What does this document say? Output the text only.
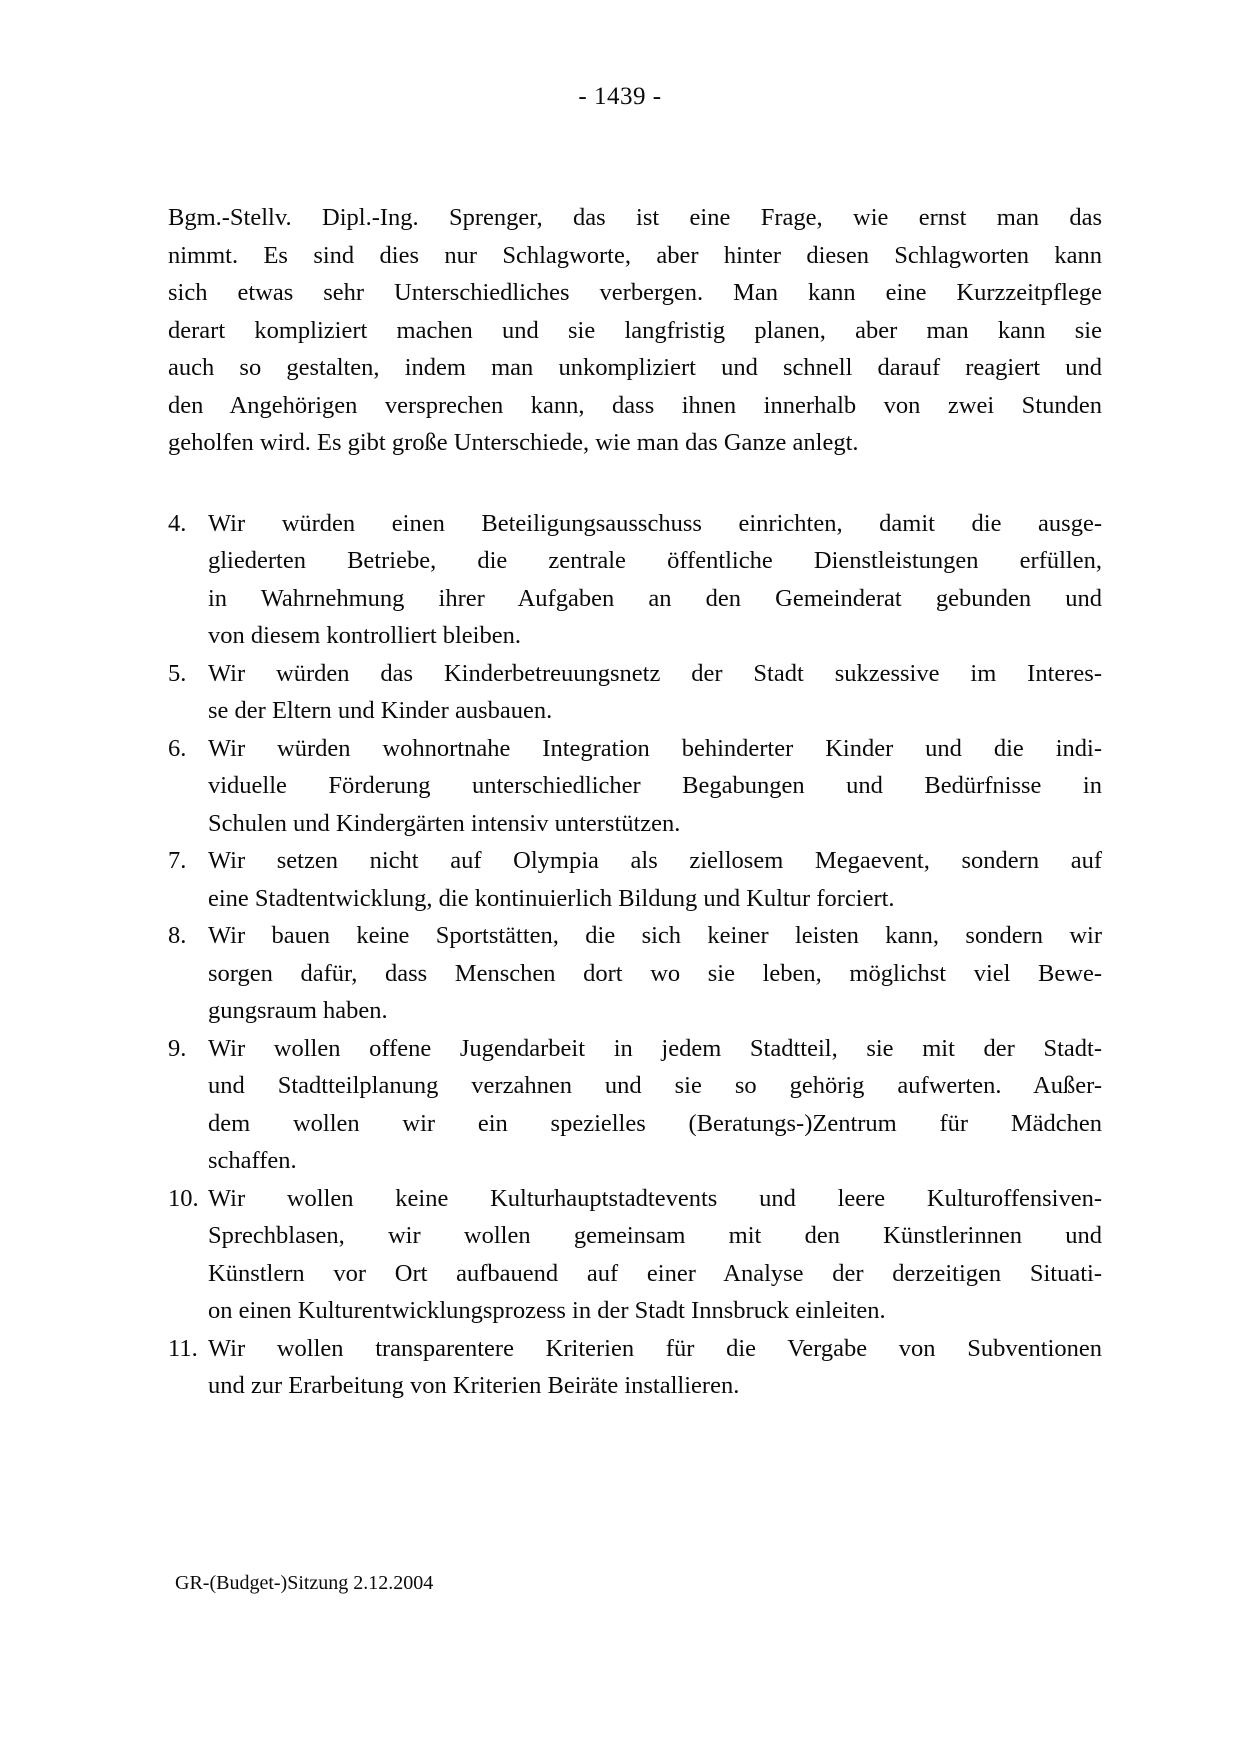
- 1439 -

Bgm.-Stellv. Dipl.-Ing. Sprenger, das ist eine Frage, wie ernst man das
nimmt. Es sind dies nur Schlagworte, aber hinter diesen Schlagworten kann
sich etwas sehr Unterschiedliches verbergen. Man kann eine Kurzzeitpflege
derart kompliziert machen und sie langfristig planen, aber man kann sie
auch so gestalten, indem man unkompliziert und schnell darauf reagiert und
den Angehörigen versprechen kann, dass ihnen innerhalb von zwei Stunden
geholfen wird. Es gibt große Unterschiede, wie man das Ganze anlegt.

4. Wir würden einen Beteiligungsausschuss einrichten, damit die ausge-
gliederten Betriebe, die zentrale öffentliche Dienstleistungen erfüllen,
in Wahrnehmung ihrer Aufgaben an den Gemeinderat gebunden und
von diesem kontrolliert bleiben.
5. Wir würden das Kinderbetreuungsnetz der Stadt sukzessive im Interes-
se der Eltern und Kinder ausbauen.
6. Wir würden wohnortnahe Integration behinderter Kinder und die indi-
viduelle Förderung unterschiedlicher Begabungen und Bedürfnisse in
Schulen und Kindergärten intensiv unterstützen.
7. Wir setzen nicht auf Olympia als ziellosem Megaevent, sondern auf
eine Stadtentwicklung, die kontinuierlich Bildung und Kultur forciert.
8. Wir bauen keine Sportstätten, die sich keiner leisten kann, sondern wir
sorgen dafür, dass Menschen dort wo sie leben, möglichst viel Bewe-
gungsraum haben.
9. Wir wollen offene Jugendarbeit in jedem Stadtteil, sie mit der Stadt-
und Stadtteilplanung verzahnen und sie so gehörig aufwerten. Außer-
dem wollen wir ein spezielles (Beratungs-)Zentrum für Mädchen
schaffen.
10. Wir wollen keine Kulturhauptstadtevents und leere Kulturoffensiven-
Sprechblasen, wir wollen gemeinsam mit den Künstlerinnen und
Künstlern vor Ort aufbauend auf einer Analyse der derzeitigen Situati-
on einen Kulturentwicklungsprozess in der Stadt Innsbruck einleiten.
11. Wir wollen transparentere Kriterien für die Vergabe von Subventionen
und zur Erarbeitung von Kriterien Beiräte installieren.
GR-(Budget-)Sitzung 2.12.2004
